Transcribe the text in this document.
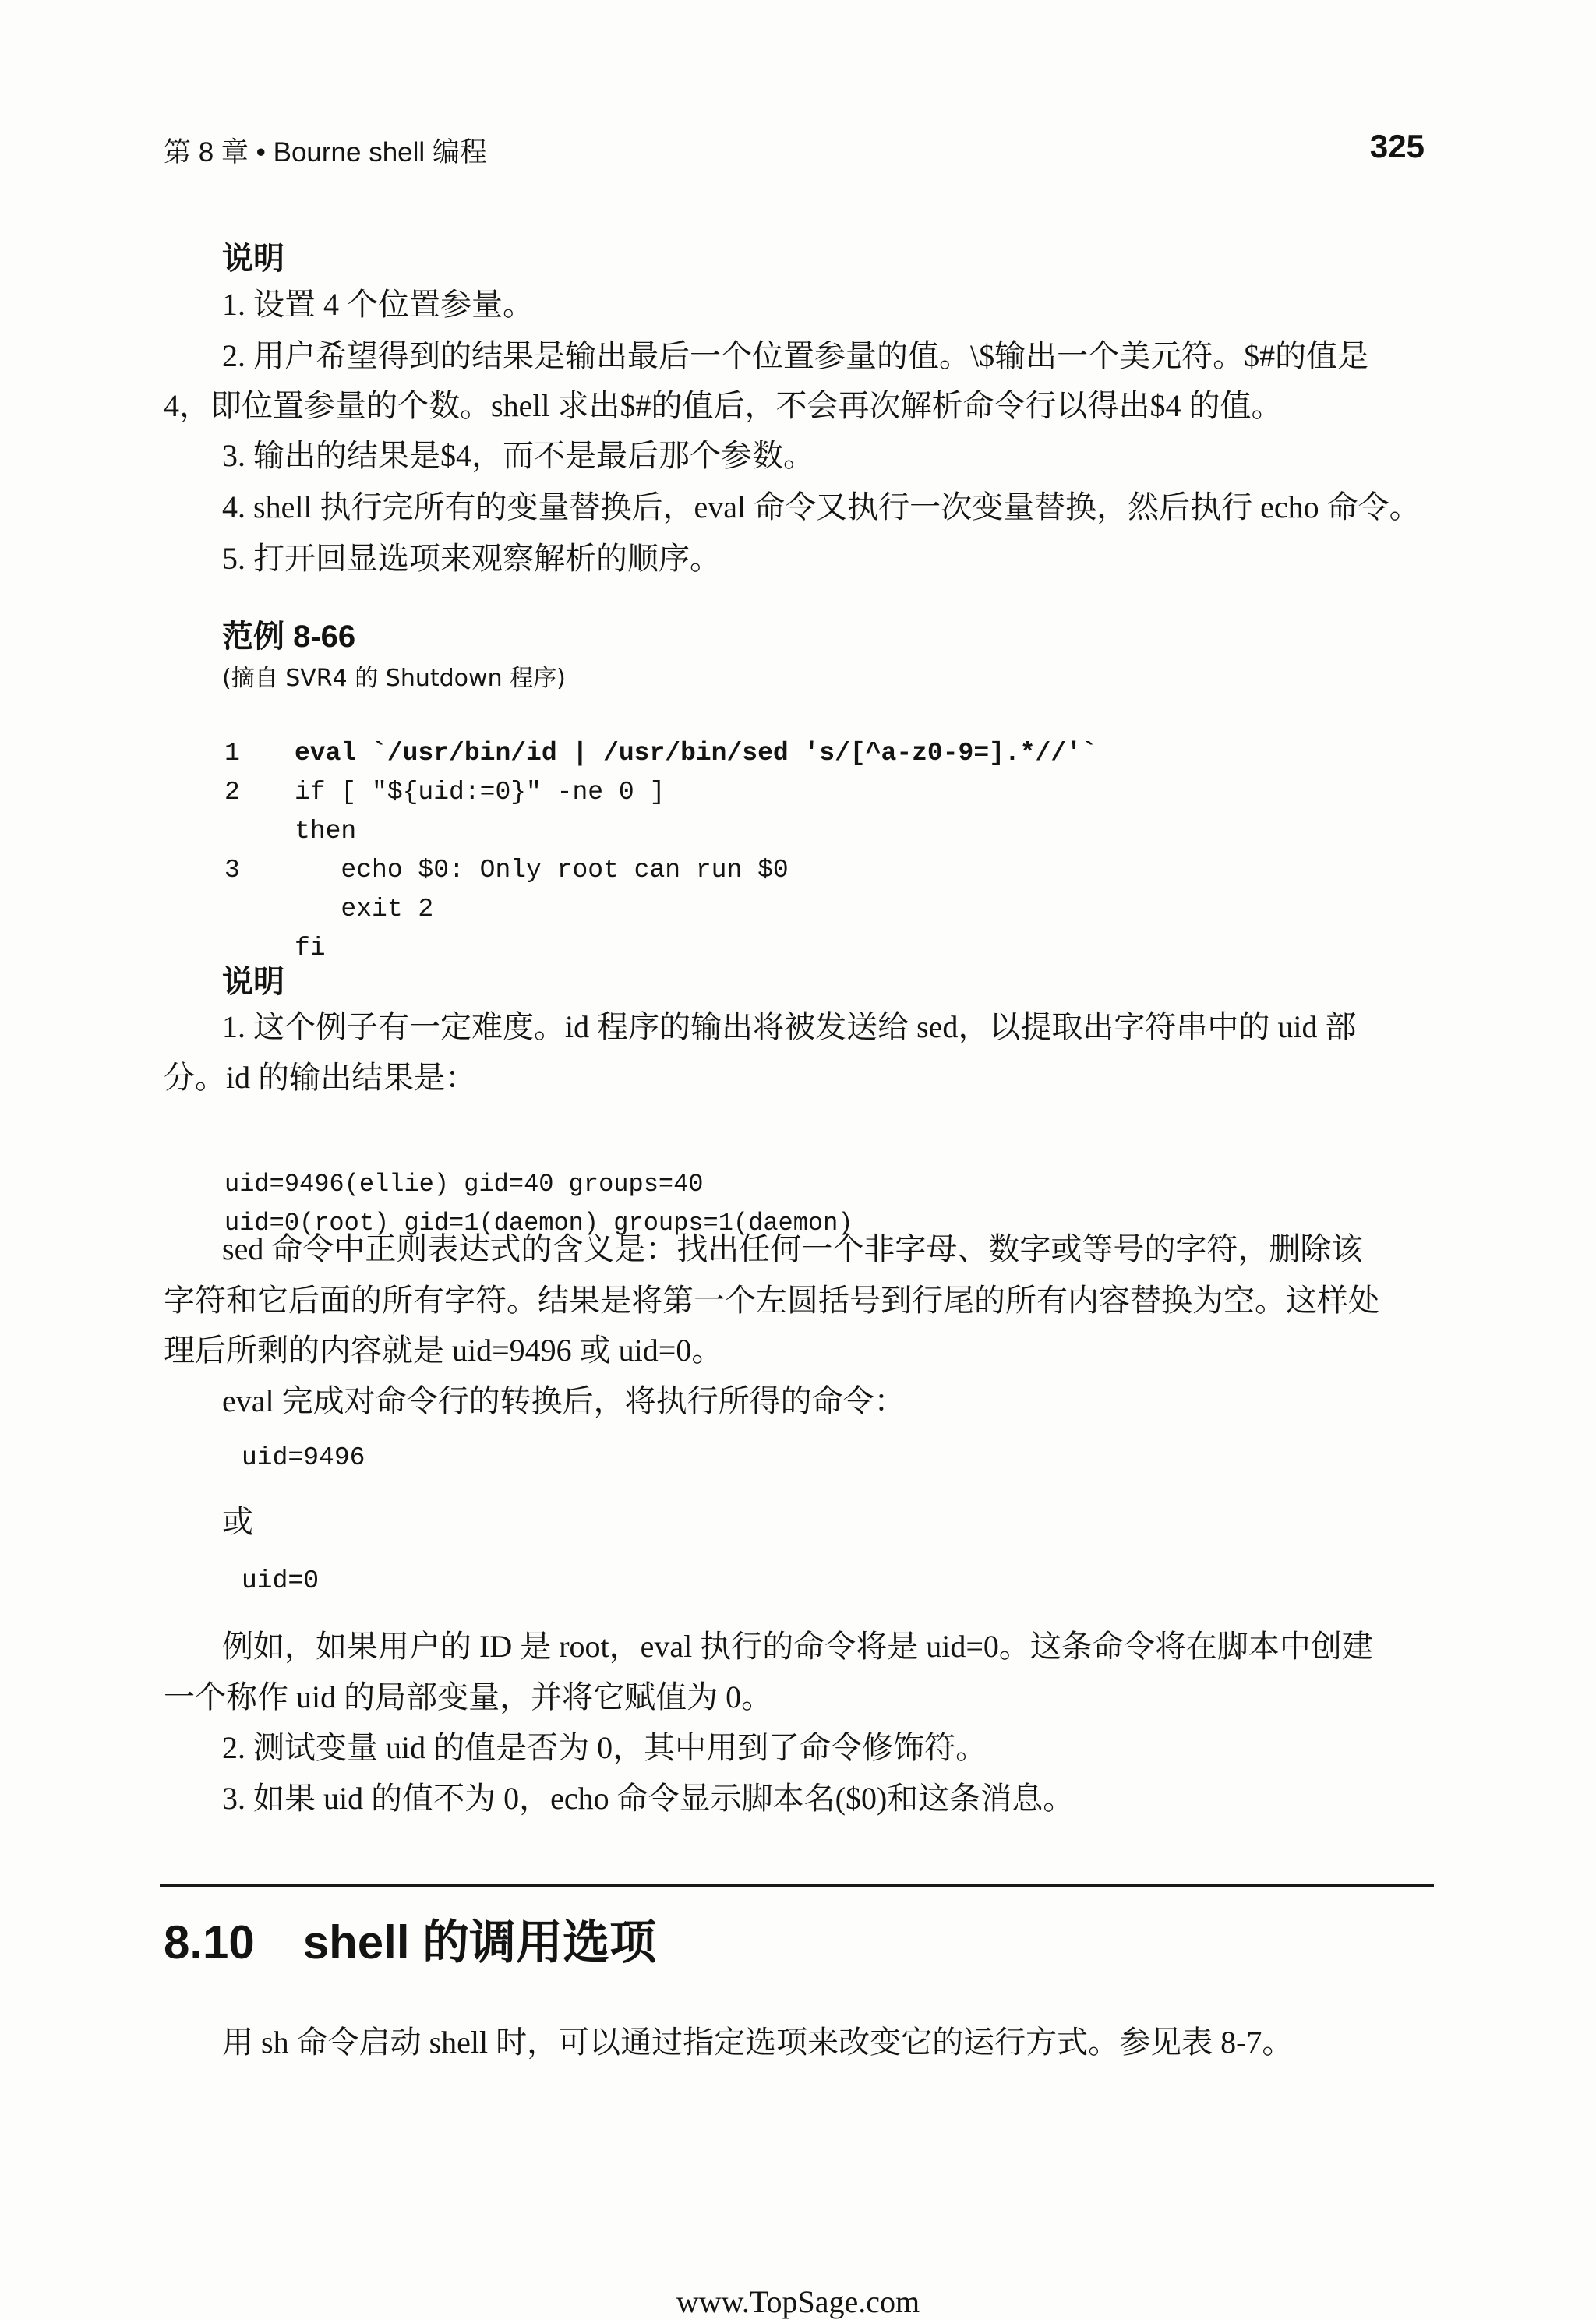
第 8 章 • Bourne shell 编程	325
说明
1. 设置 4 个位置参量。
2. 用户希望得到的结果是输出最后一个位置参量的值。\$输出一个美元符。$#的值是
4，即位置参量的个数。shell 求出$#的值后，不会再次解析命令行以得出$4 的值。
3. 输出的结果是$4，而不是最后那个参数。
4. shell 执行完所有的变量替换后，eval 命令又执行一次变量替换，然后执行 echo 命令。
5. 打开回显选项来观察解析的顺序。
范例 8-66
(摘自 SVR4 的 Shutdown 程序)

1 eval `/usr/bin/id | /usr/bin/sed 's/[^a-z0-9=].*//'`
2 if [ "${uid:=0}" -ne 0 ]
then
3   echo $0: Only root can run $0
exit 2
fi

说明
1. 这个例子有一定难度。id 程序的输出将被发送给 sed，以提取出字符串中的 uid 部
分。id 的输出结果是：

uid=9496(ellie) gid=40 groups=40
uid=0(root) gid=1(daemon) groups=1(daemon)

sed 命令中正则表达式的含义是：找出任何一个非字母、数字或等号的字符，删除该
字符和它后面的所有字符。结果是将第一个左圆括号到行尾的所有内容替换为空。这样处
理后所剩的内容就是 uid=9496 或 uid=0。
eval 完成对命令行的转换后，将执行所得的命令：
uid=9496
或
uid=0
例如，如果用户的 ID 是 root，eval 执行的命令将是 uid=0。这条命令将在脚本中创建
一个称作 uid 的局部变量，并将它赋值为 0。
2. 测试变量 uid 的值是否为 0，其中用到了命令修饰符。
3. 如果 uid 的值不为 0，echo 命令显示脚本名($0)和这条消息。
8.10 shell 的调用选项
用 sh 命令启动 shell 时，可以通过指定选项来改变它的运行方式。参见表 8-7。
www.TopSage.com
